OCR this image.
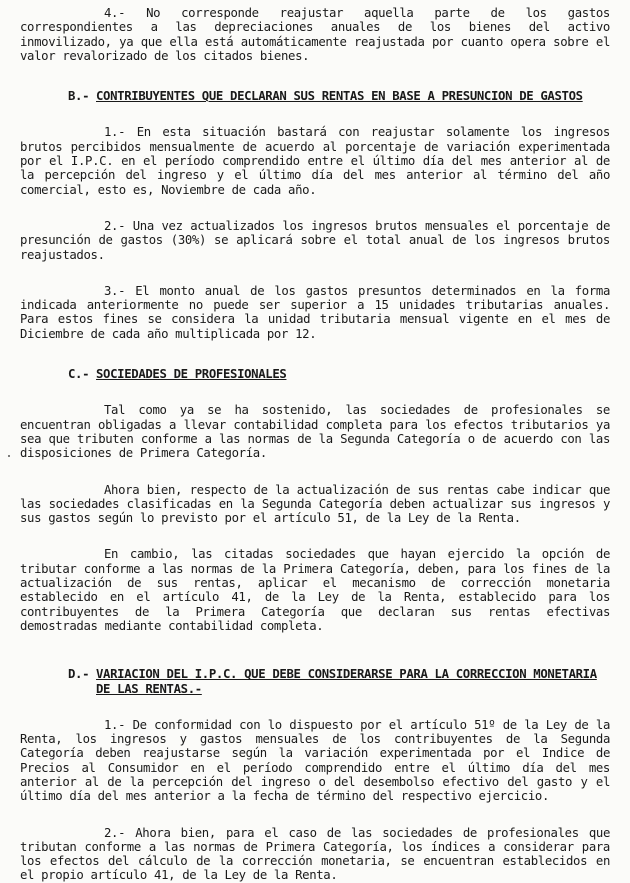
4.- No corresponde reajustar aquella parte de los gastos correspondientes a las depreciaciones anuales de los bienes del activo inmovilizado, ya que ella está automáticamente reajustada por cuanto opera sobre el valor revalorizado de los citados bienes.

B.- CONTRIBUYENTES QUE DECLARAN SUS RENTAS EN BASE A PRESUNCION DE GASTOS

1.- En esta situación bastará con reajustar solamente los ingresos brutos percibidos mensualmente de acuerdo al porcentaje de variación experimentada por el I.P.C. en el período comprendido entre el último día del mes anterior al de la percepción del ingreso y el último día del mes anterior al término del año comercial, esto es, Noviembre de cada año.

2.- Una vez actualizados los ingresos brutos mensuales el porcentaje de presunción de gastos (30%) se aplicará sobre el total anual de los ingresos brutos reajustados.

3.- El monto anual de los gastos presuntos determinados en la forma indicada anteriormente no puede ser superior a 15 unidades tributarias anuales. Para estos fines se considera la unidad tributaria mensual vigente en el mes de Diciembre de cada año multiplicada por 12.

C.- SOCIEDADES DE PROFESIONALES

Tal como ya se ha sostenido, las sociedades de profesionales se encuentran obligadas a llevar contabilidad completa para los efectos tributarios ya sea que tributen conforme a las normas de la Segunda Categoría o de acuerdo con las disposiciones de Primera Categoría.

Ahora bien, respecto de la actualización de sus rentas cabe indicar que las sociedades clasificadas en la Segunda Categoría deben actualizar sus ingresos y sus gastos según lo previsto por el artículo 51, de la Ley de la Renta.

En cambio, las citadas sociedades que hayan ejercido la opción de tributar conforme a las normas de la Primera Categoría, deben, para los fines de la actualización de sus rentas, aplicar el mecanismo de corrección monetaria establecido en el artículo 41, de la Ley de la Renta, establecido para los contribuyentes de la Primera Categoría que declaran sus rentas efectivas demostradas mediante contabilidad completa.

D.- VARIACION DEL I.P.C. QUE DEBE CONSIDERARSE PARA LA CORRECCION MONETARIA DE LAS RENTAS.-

1.- De conformidad con lo dispuesto por el artículo 51º de la Ley de la Renta, los ingresos y gastos mensuales de los contribuyentes de la Segunda Categoría deben reajustarse según la variación experimentada por el Indice de Precios al Consumidor en el período comprendido entre el último día del mes anterior al de la percepción del ingreso o del desembolso efectivo del gasto y el último día del mes anterior a la fecha de término del respectivo ejercicio.

2.- Ahora bien, para el caso de las sociedades de profesionales que tributan conforme a las normas de Primera Categoría, los índices a considerar para los efectos del cálculo de la corrección monetaria, se encuentran establecidos en el propio artículo 41, de la Ley de la Renta.
